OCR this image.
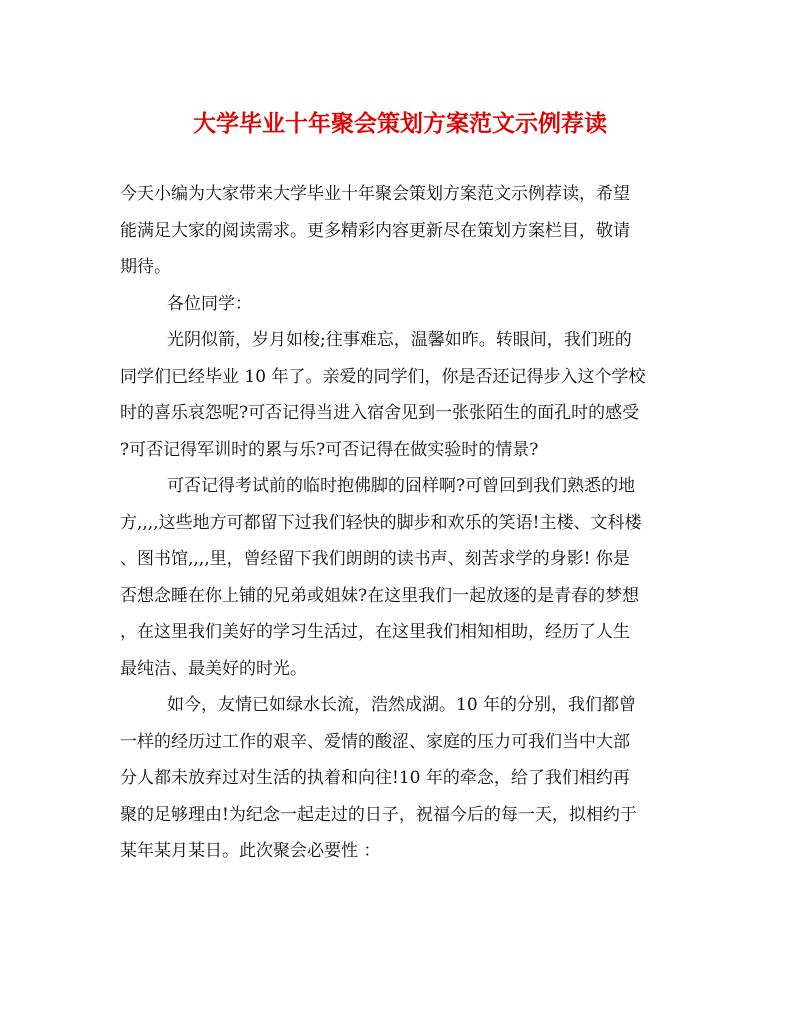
大学毕业十年聚会策划方案范文示例荐读

今天小编为大家带来大学毕业十年聚会策划方案范文示例荐读，希望
能满足大家的阅读需求。更多精彩内容更新尽在策划方案栏目，敬请
期待。

各位同学：

光阴似箭，岁月如梭;往事难忘，温馨如昨。转眼间，我们班的
同学们已经毕业 10 年了。亲爱的同学们，你是否还记得步入这个学校
时的喜乐哀怨呢?可否记得当进入宿舍见到一张张陌生的面孔时的感受
?可否记得军训时的累与乐?可否记得在做实验时的情景?

可否记得考试前的临时抱佛脚的囧样啊?可曾回到我们熟悉的地
方,,,,这些地方可都留下过我们轻快的脚步和欢乐的笑语!主楼、文科楼
、图书馆,,,,里，曾经留下我们朗朗的读书声、刻苦求学的身影! 你是
否想念睡在你上铺的兄弟或姐妹?在这里我们一起放逐的是青春的梦想
，在这里我们美好的学习生活过，在这里我们相知相助，经历了人生
最纯洁、最美好的时光。

如今，友情已如绿水长流，浩然成湖。10 年的分别，我们都曾
一样的经历过工作的艰辛、爱情的酸涩、家庭的压力可我们当中大部
分人都未放弃过对生活的执着和向往!10 年的牵念，给了我们相约再
聚的足够理由!为纪念一起走过的日子，祝福今后的每一天，拟相约于
某年某月某日。此次聚会必要性 ：
